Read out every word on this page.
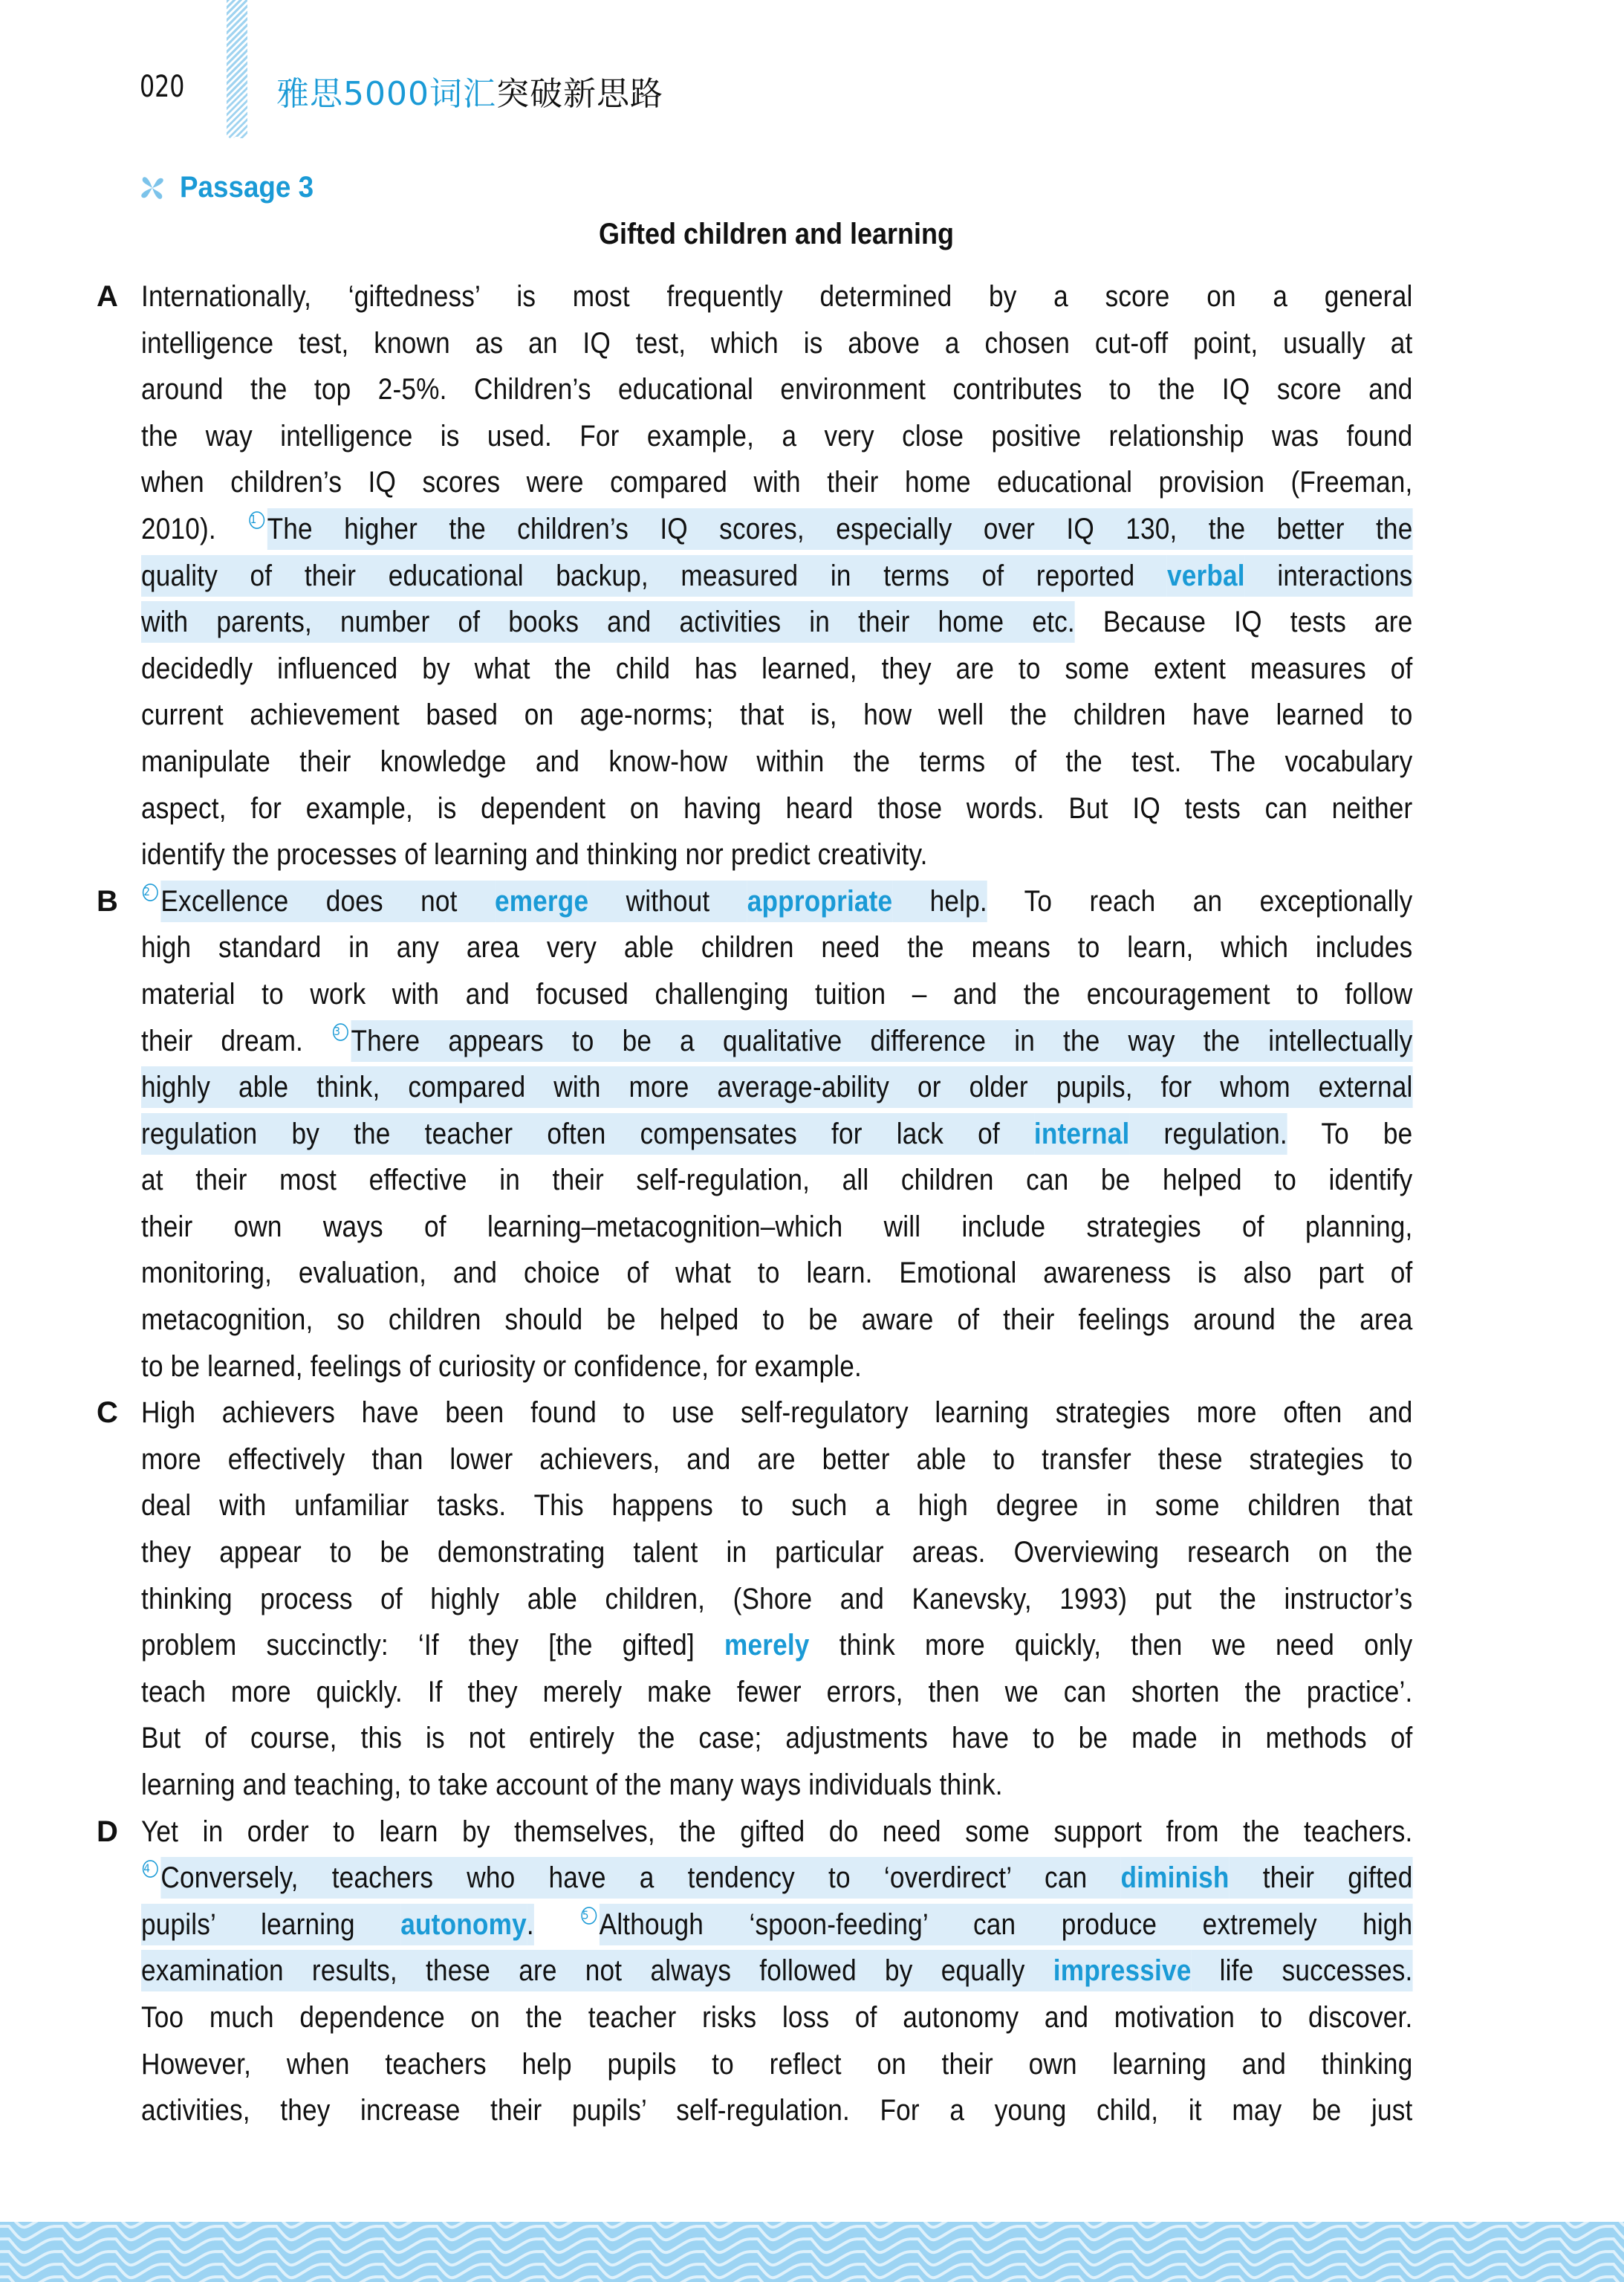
020	雅思5000词汇突破新思路
Passage 3
Gifted children and learning
A Internationally, ‘giftedness’ is most frequently determined by a score on a general
intelligence test, known as an IQ test, which is above a chosen cut-off point, usually at
around the top 2-5%. Children’s educational environment contributes to the IQ score and
the way intelligence is used. For example, a very close positive relationship was found
when children’s IQ scores were compared with their home educational provision (Freeman,
2010). 1 The higher the children’s IQ scores, especially over IQ 130, the better the
quality of their educational backup, measured in terms of reported verbal interactions
with parents, number of books and activities in their home etc. Because IQ tests are
decidedly influenced by what the child has learned, they are to some extent measures of
current achievement based on age-norms; that is, how well the children have learned to
manipulate their knowledge and know-how within the terms of the test. The vocabulary
aspect, for example, is dependent on having heard those words. But IQ tests can neither
identify the processes of learning and thinking nor predict creativity.
B 2 Excellence does not emerge without appropriate help. To reach an exceptionally
high standard in any area very able children need the means to learn, which includes
material to work with and focused challenging tuition – and the encouragement to follow
their dream. 3 There appears to be a qualitative difference in the way the intellectually
highly able think, compared with more average-ability or older pupils, for whom external
regulation by the teacher often compensates for lack of internal regulation. To be
at their most effective in their self-regulation, all children can be helped to identify
their own ways of learning–metacognition–which will include strategies of planning,
monitoring, evaluation, and choice of what to learn. Emotional awareness is also part of
metacognition, so children should be helped to be aware of their feelings around the area
to be learned, feelings of curiosity or confidence, for example.
C High achievers have been found to use self-regulatory learning strategies more often and
more effectively than lower achievers, and are better able to transfer these strategies to
deal with unfamiliar tasks. This happens to such a high degree in some children that
they appear to be demonstrating talent in particular areas. Overviewing research on the
thinking process of highly able children, (Shore and Kanevsky, 1993) put the instructor’s
problem succinctly: ‘If they [the gifted] merely think more quickly, then we need only
teach more quickly. If they merely make fewer errors, then we can shorten the practice’.
But of course, this is not entirely the case; adjustments have to be made in methods of
learning and teaching, to take account of the many ways individuals think.
D Yet in order to learn by themselves, the gifted do need some support from the teachers.
4 Conversely, teachers who have a tendency to ‘overdirect’ can diminish their gifted
pupils’ learning autonomy.	5 Although ‘spoon-feeding’ can produce extremely high
examination results, these are not always followed by equally impressive life successes.
Too much dependence on the teacher risks loss of autonomy and motivation to discover.
However, when teachers help pupils to reflect on their own learning and thinking
activities, they increase their pupils’ self-regulation. For a young child, it may be just
